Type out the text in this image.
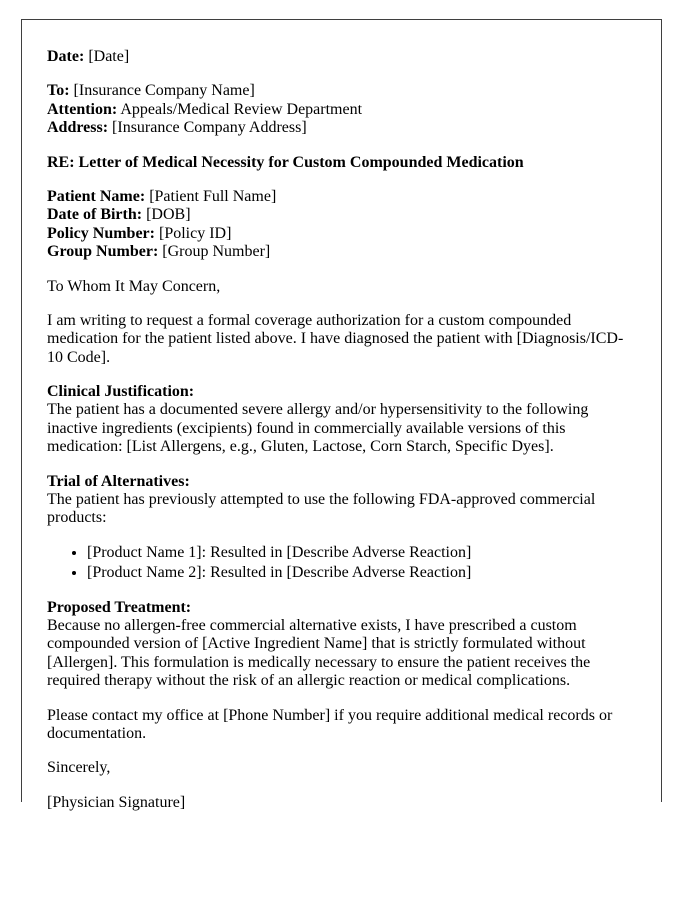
Date: [Date]

To: [Insurance Company Name]
Attention: Appeals/Medical Review Department
Address: [Insurance Company Address]

RE: Letter of Medical Necessity for Custom Compounded Medication

Patient Name: [Patient Full Name]
Date of Birth: [DOB]
Policy Number: [Policy ID]
Group Number: [Group Number]

To Whom It May Concern,

I am writing to request a formal coverage authorization for a custom compounded medication for the patient listed above. I have diagnosed the patient with [Diagnosis/ICD-10 Code].

Clinical Justification:
The patient has a documented severe allergy and/or hypersensitivity to the following inactive ingredients (excipients) found in commercially available versions of this medication: [List Allergens, e.g., Gluten, Lactose, Corn Starch, Specific Dyes].

Trial of Alternatives:
The patient has previously attempted to use the following FDA-approved commercial products:

• [Product Name 1]: Resulted in [Describe Adverse Reaction]
• [Product Name 2]: Resulted in [Describe Adverse Reaction]

Proposed Treatment:
Because no allergen-free commercial alternative exists, I have prescribed a custom compounded version of [Active Ingredient Name] that is strictly formulated without [Allergen]. This formulation is medically necessary to ensure the patient receives the required therapy without the risk of an allergic reaction or medical complications.

Please contact my office at [Phone Number] if you require additional medical records or documentation.

Sincerely,

[Physician Signature]
